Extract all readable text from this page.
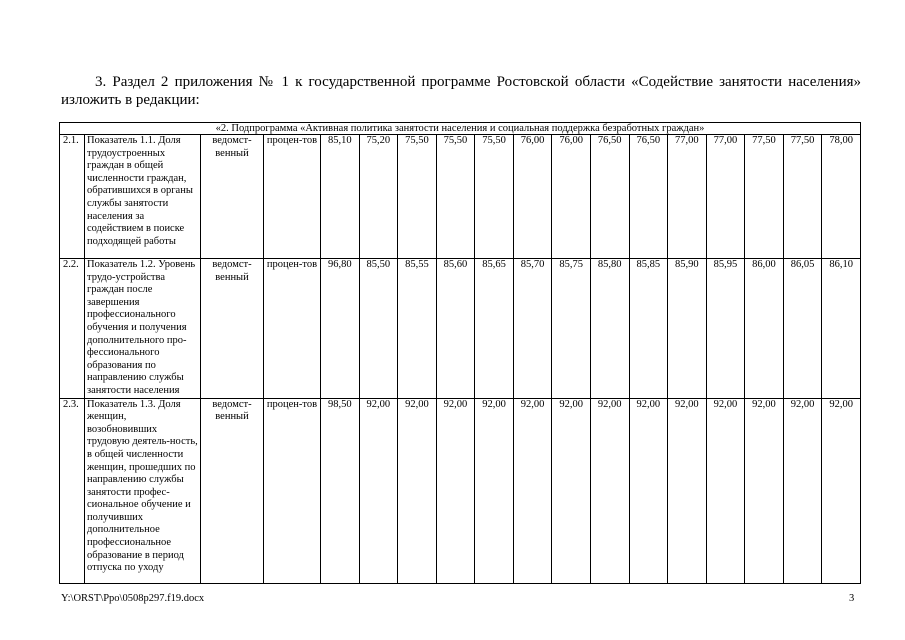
3. Раздел 2 приложения № 1 к государственной программе Ростовской области «Содействие занятости населения» изложить в редакции:
«2. Подпрограмма «Активная политика занятости населения и социальная поддержка безработных граждан»																	
2.1.	Показатель 1.1. Доля трудоустроенных граждан в общей численности граждан, обратившихся в органы службы занятости населения за содействием в поиске подходящей работы	ведомст-венный	процен-тов	85,10	75,20	75,50	75,50	75,50	76,00	76,00	76,50	76,50	77,00	77,00	77,50	77,50	78,00
2.2.	Показатель 1.2. Уровень трудо-устройства граждан после завершения профессионального обучения и получения дополнительного про-фессионального образования по направлению службы занятости населения	ведомст-венный	процен-тов	96,80	85,50	85,55	85,60	85,65	85,70	85,75	85,80	85,85	85,90	85,95	86,00	86,05	86,10
2.3.	Показатель 1.3. Доля женщин, возобновивших трудовую деятель-ность, в общей численности женщин, прошедших по направлению службы занятости профес-сиональное обучение и получивших дополнительное профессиональное образование в период отпуска по уходу	ведомст-венный	процен-тов	98,50	92,00	92,00	92,00	92,00	92,00	92,00	92,00	92,00	92,00	92,00	92,00	92,00	92,00
Y:\ORST\Ppo\0508p297.f19.docx	3
